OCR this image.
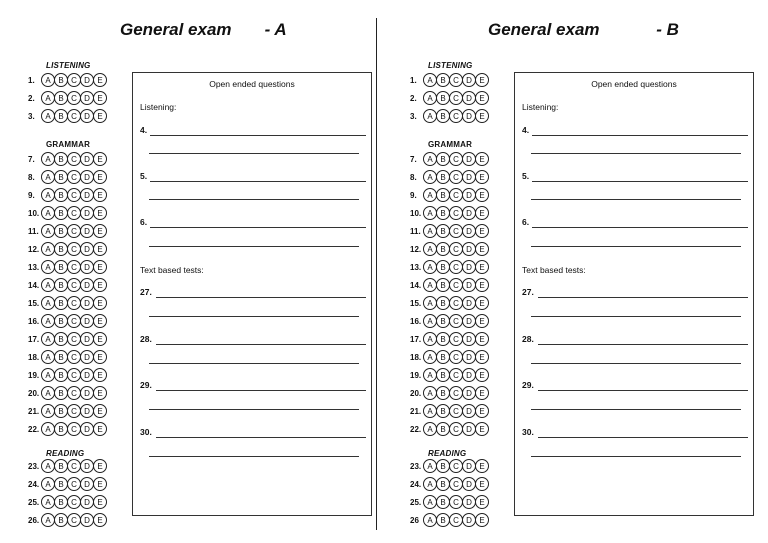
General exam       - A
LISTENING
GRAMMAR
READING
1.	A B C D E
2.	A B C D E
3.	A B C D E
7.	A B C D E
8.	A B C D E
9.	A B C D E
10. A B C D E
11. A B C D E
12. A B C D E
13. A B C D E
14. A B C D E
15. A B C D E
16. A B C D E
17. A B C D E
18. A B C D E
19. A B C D E
20. A B C D E
21. A B C D E
22. A B C D E
23. A B C D E
24. A B C D E
25. A B C D E
26. A B C D E
Open ended questions
Listening:
Text based tests:
4.
5.
6.
27.
28.
29.
30.
General exam            - B
LISTENING
GRAMMAR
READING
1.	A B C D E
2.	A B C D E
3.	A B C D E
7.	A B C D E
8.	A B C D E
9.	A B C D E
10. A B C D E
11. A B C D E
12. A B C D E
13. A B C D E
14. A B C D E
15. A B C D E
16. A B C D E
17. A B C D E
18. A B C D E
19. A B C D E
20. A B C D E
21. A B C D E
22. A B C D E
23. A B C D E
24. A B C D E
25. A B C D E
26	A B C D E
Open ended questions
Listening:
Text based tests:
4.
5.
6.
27.
28.
29.
30.
